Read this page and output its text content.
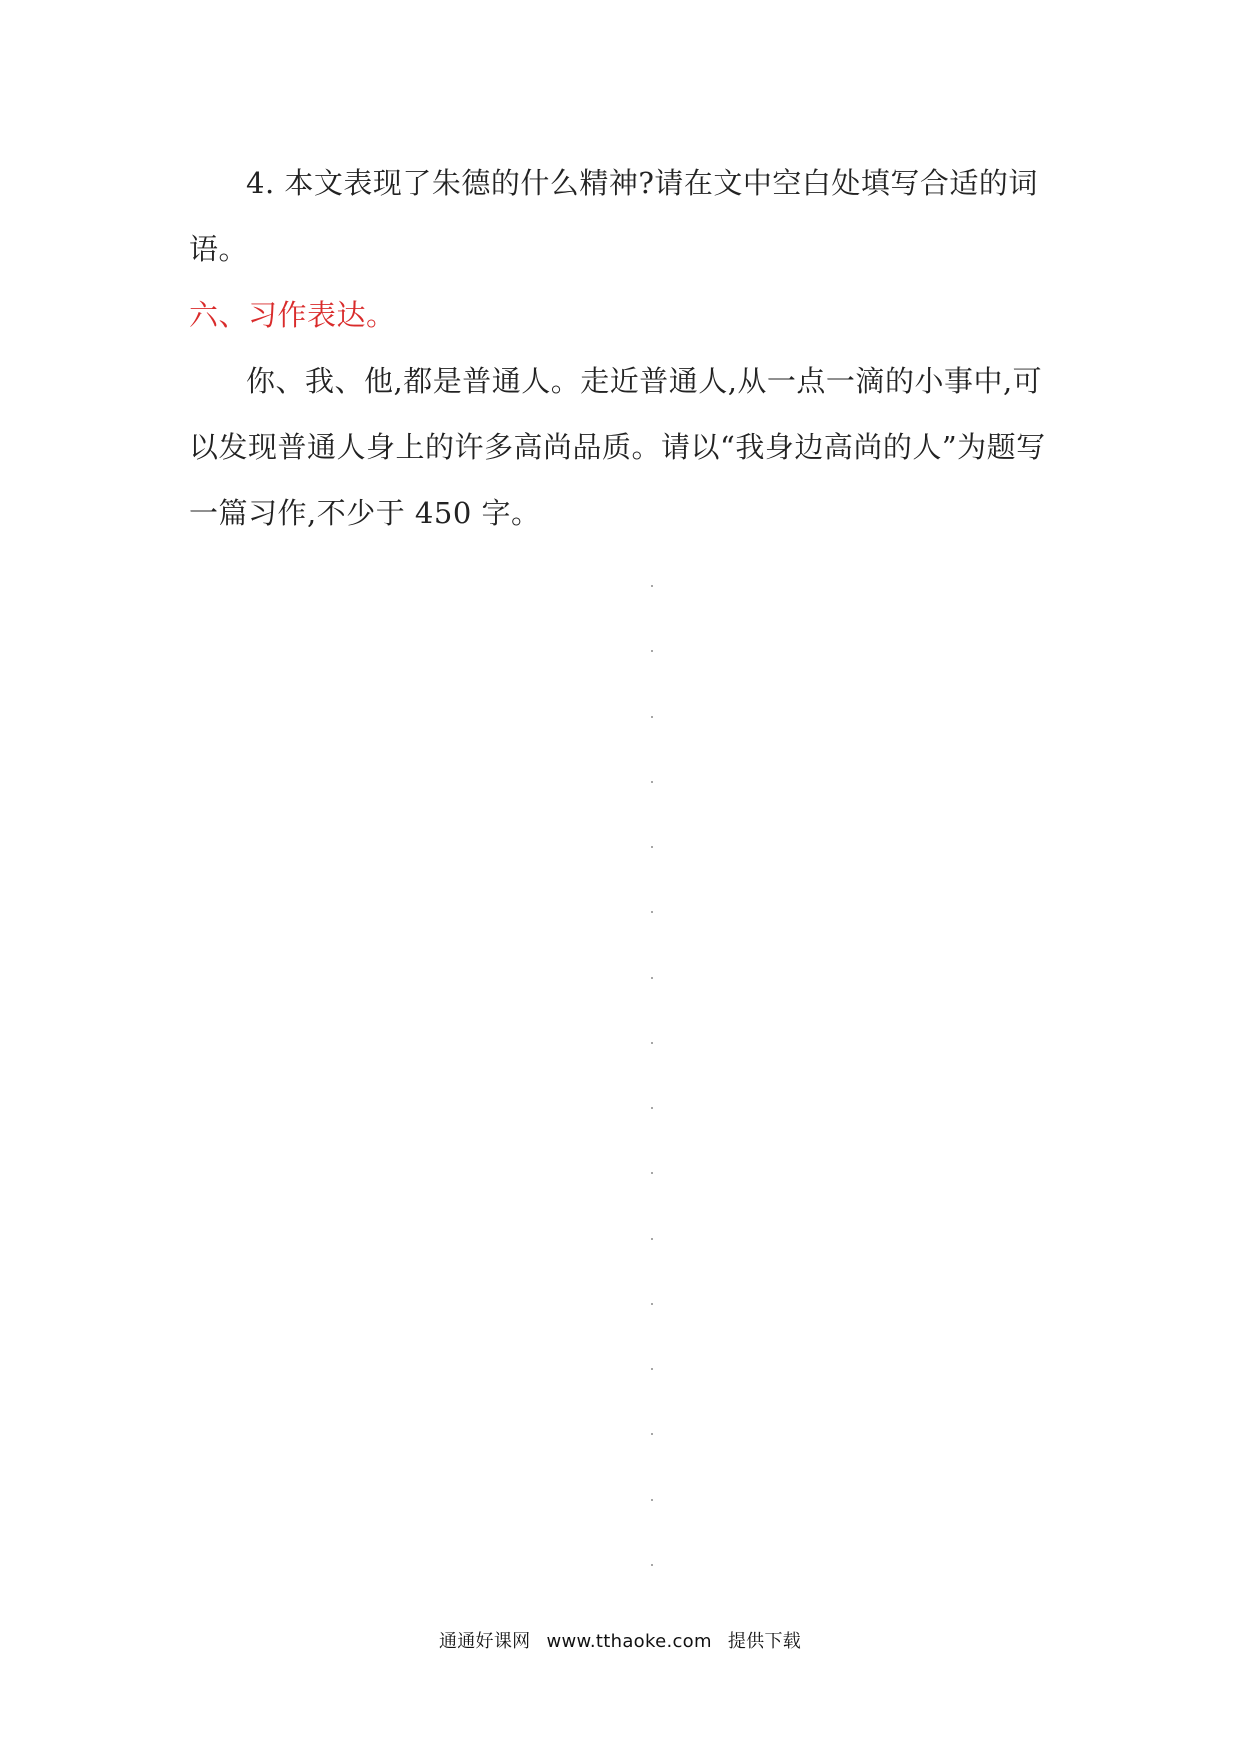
4. 本文表现了朱德的什么精神?请在文中空白处填写合适的词
语。
六、习作表达。
你、我、他,都是普通人。走近普通人,从一点一滴的小事中,可
以发现普通人身上的许多高尚品质。请以“我身边高尚的人”为题写
一篇习作,不少于 450 字。
通通好课网 www.tthaoke.com 提供下载
